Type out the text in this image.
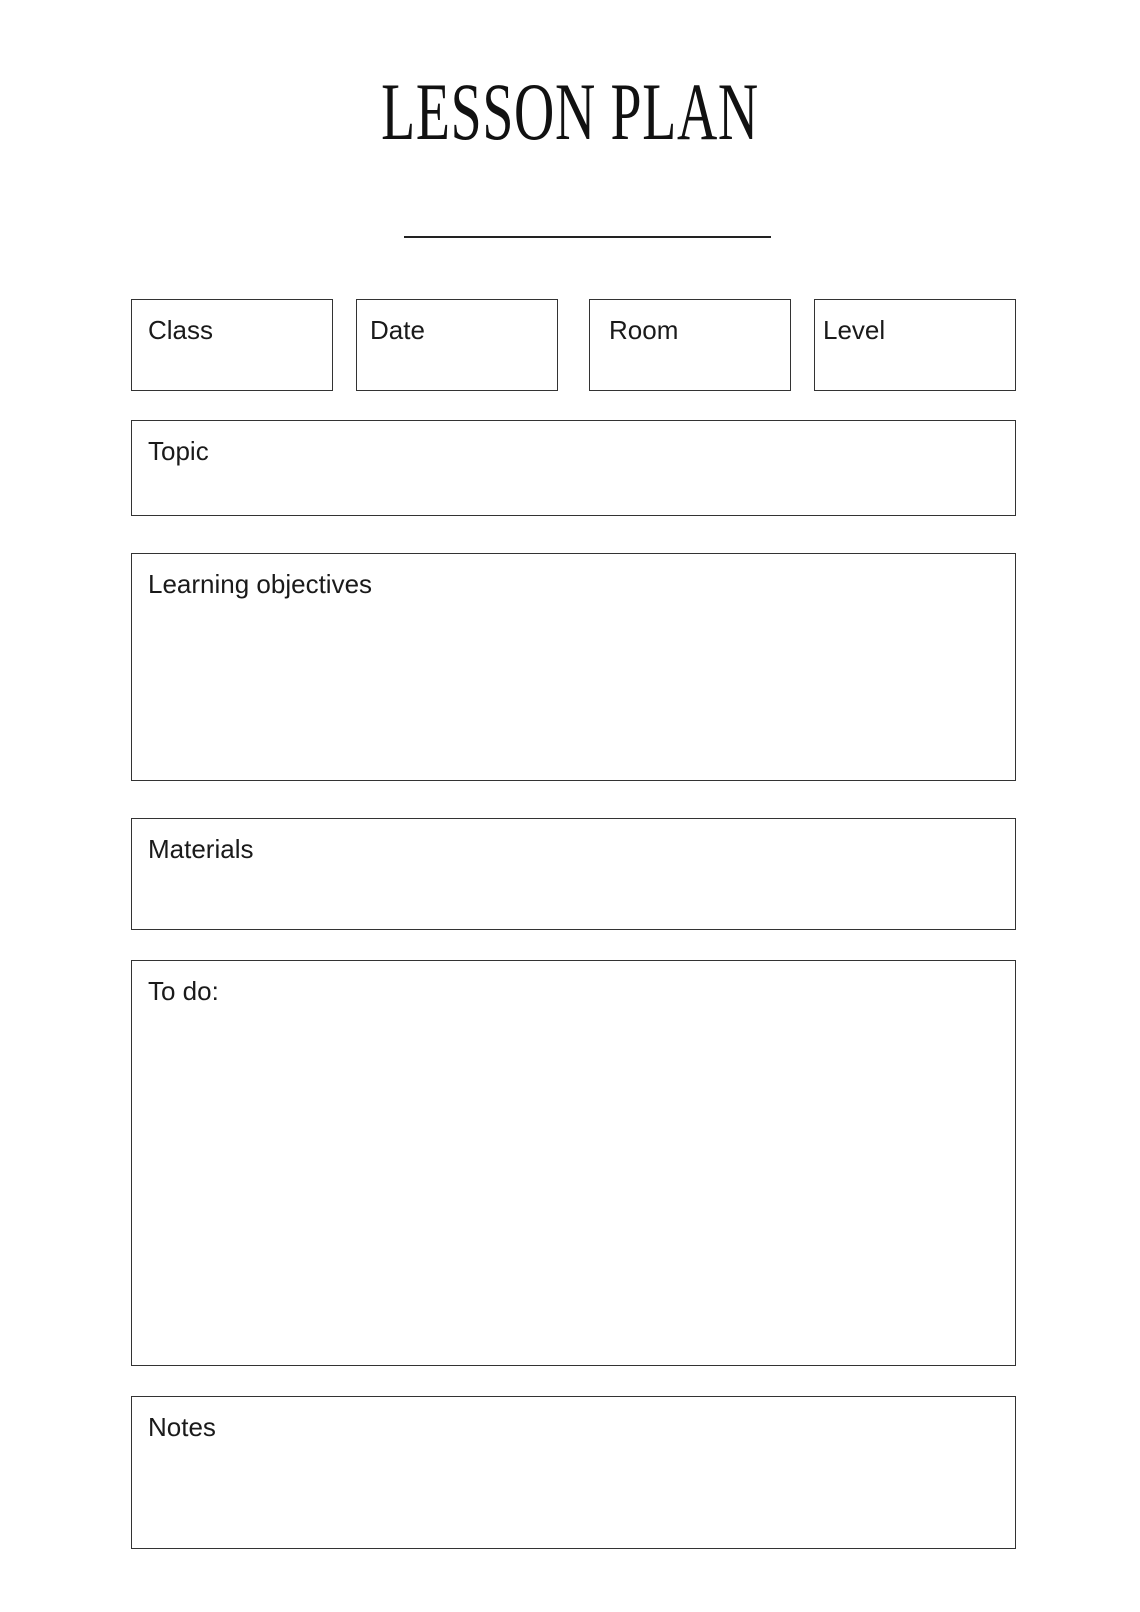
LESSON PLAN
Class	Date	Room	Level
Topic
Learning objectives
Materials
To do:
Notes
